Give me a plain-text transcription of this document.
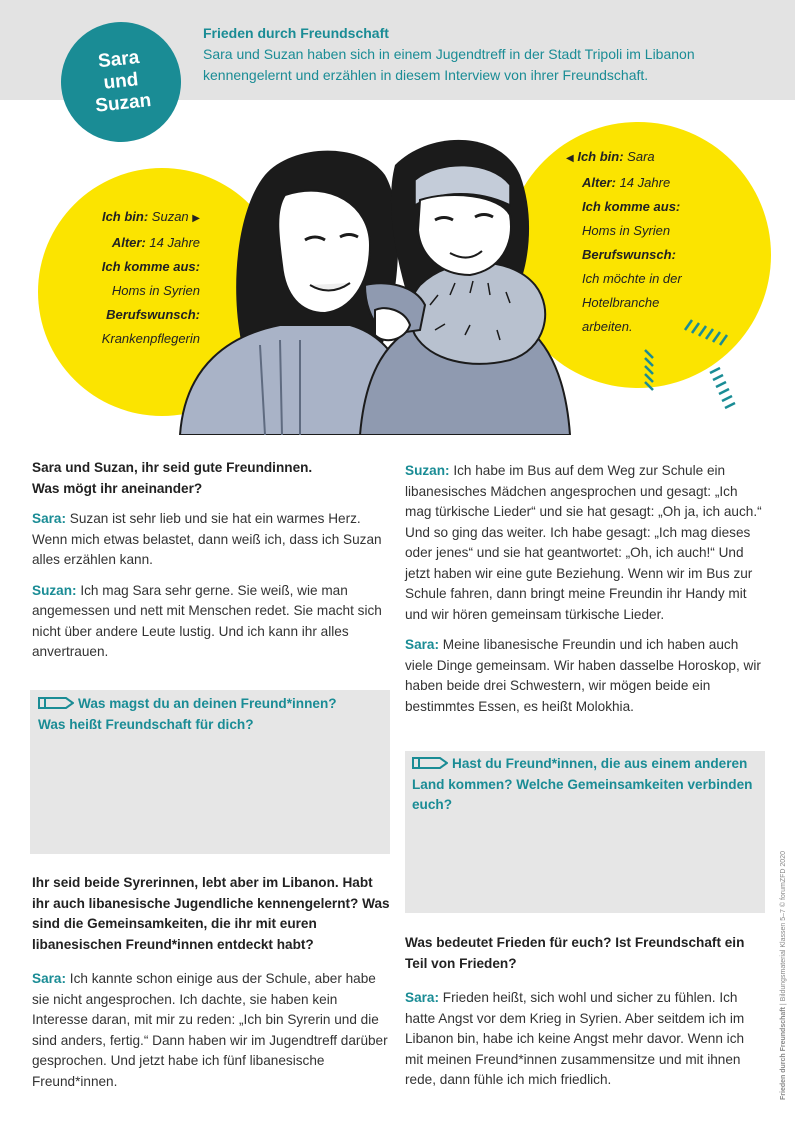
Sara
und
Suzan
Frieden durch Freundschaft
Sara und Suzan haben sich in einem Jugendtreff in der Stadt Tripoli im Libanon kennengelernt und erzählen in diesem Interview von ihrer Freundschaft.
Ich bin: Suzan ▶
Alter: 14 Jahre
Ich komme aus:
Homs in Syrien
Berufswunsch:
Krankenpflegerin
◀ Ich bin: Sara
Alter: 14 Jahre
Ich komme aus:
Homs in Syrien
Berufswunsch:
Ich möchte in der
Hotelbranche
arbeiten.

Sara und Suzan, ihr seid gute Freundinnen.
Was mögt ihr aneinander?

Sara: Suzan ist sehr lieb und sie hat ein warmes Herz. Wenn mich etwas belastet, dann weiß ich, dass ich Suzan alles erzählen kann.

Suzan: Ich mag Sara sehr gerne. Sie weiß, wie man angemessen und nett mit Menschen redet. Sie macht sich nicht über andere Leute lustig. Und ich kann ihr alles anvertrauen.

Was magst du an deinen Freund*innen?
Was heißt Freundschaft für dich?

Ihr seid beide Syrerinnen, lebt aber im Libanon. Habt ihr auch libanesische Jugendliche kennengelernt? Was sind die Gemeinsamkeiten, die ihr mit euren libanesischen Freund*innen entdeckt habt?

Sara: Ich kannte schon einige aus der Schule, aber habe sie nicht angesprochen. Ich dachte, sie haben kein Interesse daran, mit mir zu reden: „Ich bin Syrerin und die sind anders, fertig.“ Dann haben wir im Jugendtreff darüber gesprochen. Und jetzt habe ich fünf libanesische Freund*innen.

Suzan: Ich habe im Bus auf dem Weg zur Schule ein libanesisches Mädchen angesprochen und gesagt: „Ich mag türkische Lieder“ und sie hat gesagt: „Oh ja, ich auch.“ Und so ging das weiter. Ich habe gesagt: „Ich mag dieses oder jenes“ und sie hat geantwortet: „Oh, ich auch!“ Und jetzt haben wir eine gute Beziehung. Wenn wir im Bus zur Schule fahren, dann bringt meine Freundin ihr Handy mit und wir hören gemeinsam türkische Lieder.

Sara: Meine libanesische Freundin und ich haben auch viele Dinge gemeinsam. Wir haben dasselbe Horoskop, wir haben beide drei Schwestern, wir mögen beide ein bestimmtes Essen, es heißt Molokhia.

Hast du Freund*innen, die aus einem anderen Land kommen? Welche Gemeinsamkeiten verbinden euch?

Was bedeutet Frieden für euch? Ist Freundschaft ein Teil von Frieden?

Sara: Frieden heißt, sich wohl und sicher zu fühlen. Ich hatte Angst vor dem Krieg in Syrien. Aber seitdem ich im Libanon bin, habe ich keine Angst mehr davor. Wenn ich mit meinen Freund*innen zusammensitze und mit ihnen rede, dann fühle ich mich friedlich.	Frieden durch Freundschaft | Bildungsmaterial Klassen 5–7 © forumZFD 2020
